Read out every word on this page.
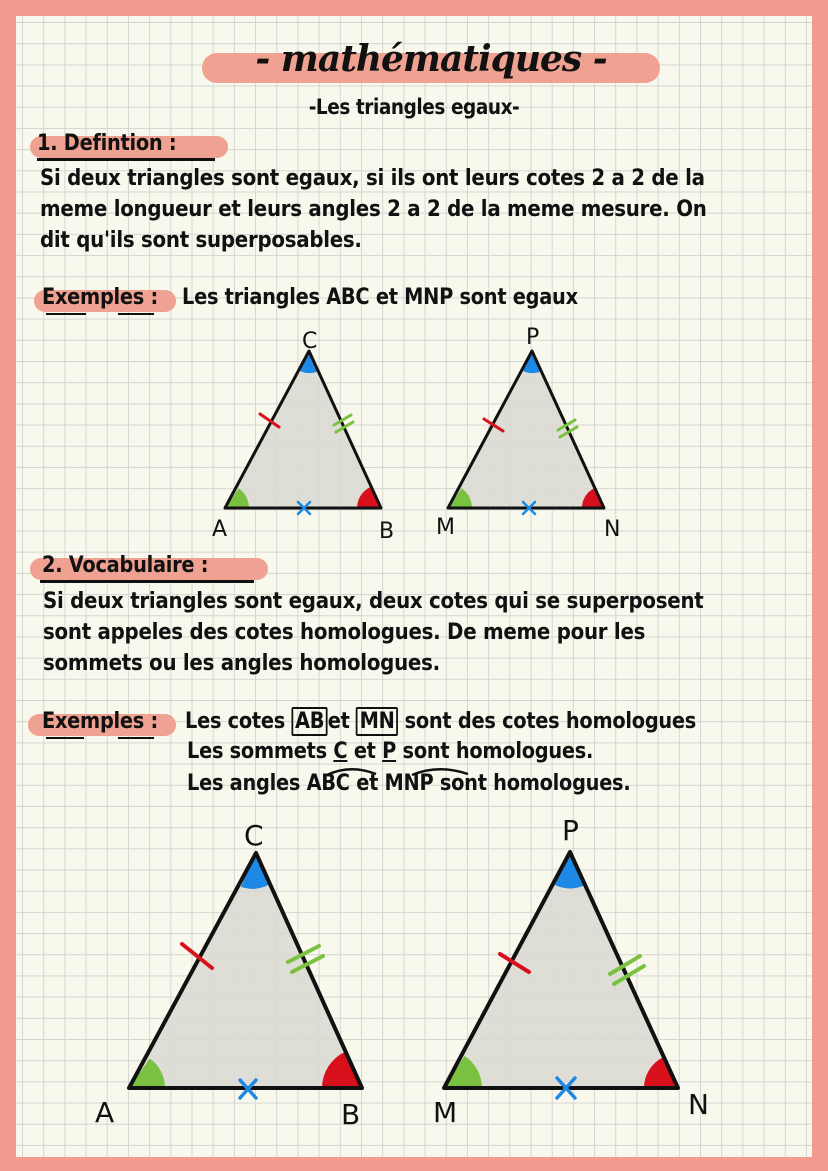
- mathématiques -
-Les triangles egaux-
1. Defintion :
Si deux triangles sont egaux, si ils ont leurs cotes 2 a 2 de la
meme longueur et leurs angles 2 a 2 de la meme mesure. On
dit qu'ils sont superposables.
Exemples : Les triangles ABC et MNP sont egaux
2. Vocabulaire :
Si deux triangles sont egaux, deux cotes qui se superposent
sont appeles des cotes homologues. De meme pour les
sommets ou les angles homologues.
Exemples : Les cotes AB et MN sont des cotes homologues
Les sommets C et P sont homologues.
Les angles ABC et MNP sont homologues.
A	B
C
M	N
P
A	B
C
M	N
P
